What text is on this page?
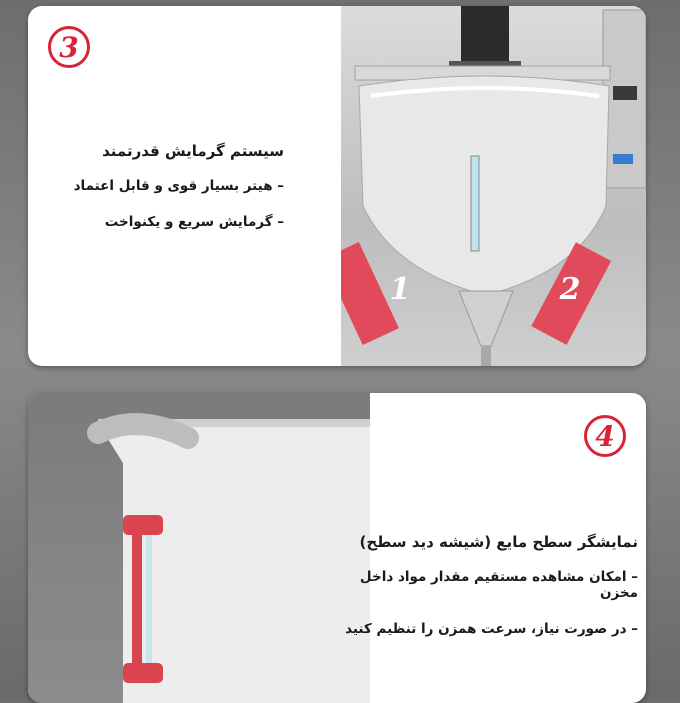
3
سیستم گرمایش قدرتمند
– هیتر بسیار قوی و قابل اعتماد
– گرمایش سریع و یکنواخت
1	2
4
نمایشگر سطح مایع (شیشه دید سطح)
– امکان مشاهده مستقیم مقدار مواد داخل مخزن
– در صورت نیاز، سرعت همزن را تنظیم کنید
